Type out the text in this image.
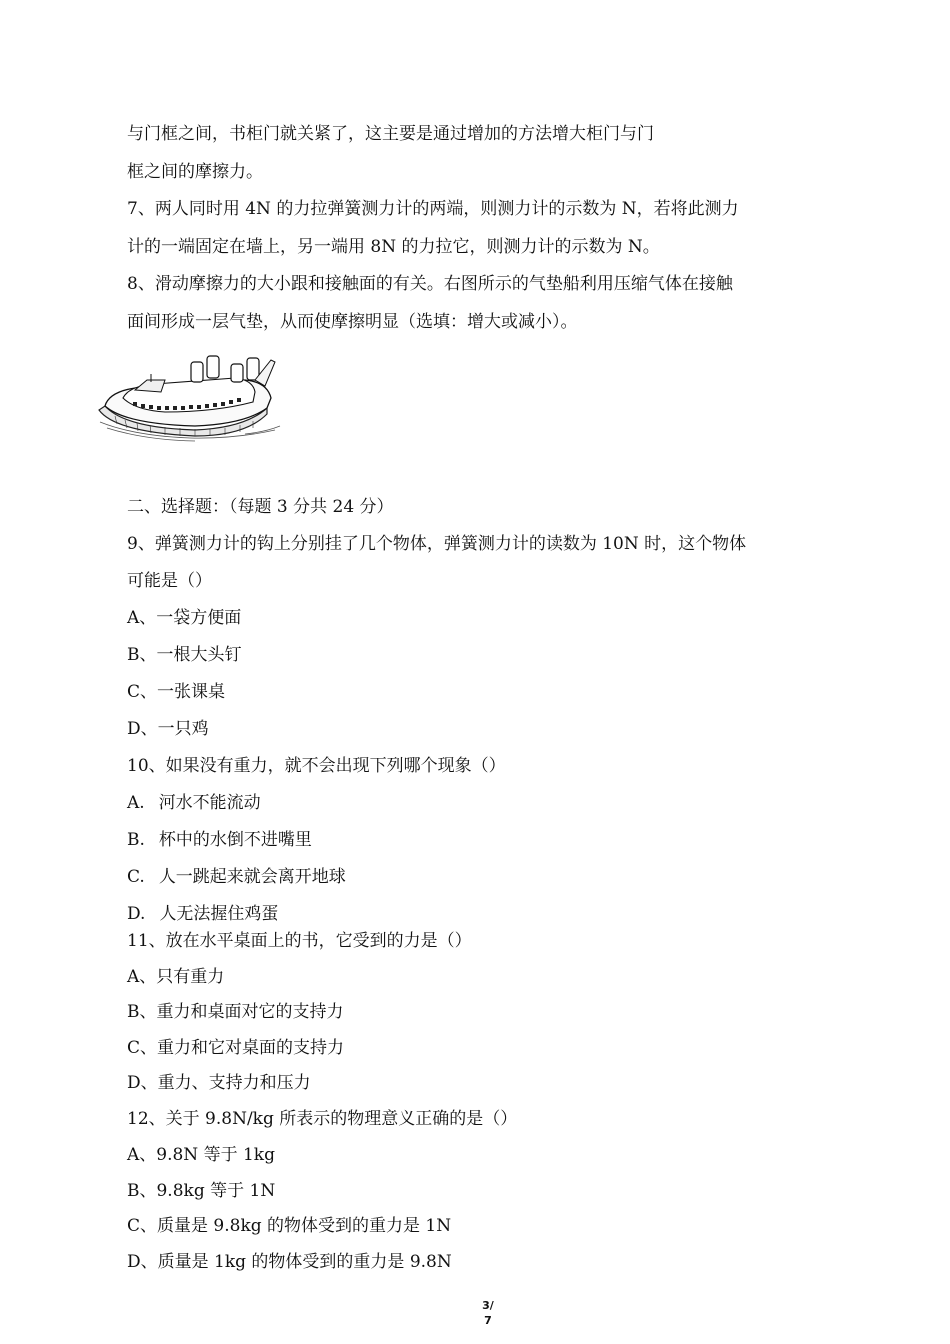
与门框之间，书柜门就关紧了，这主要是通过增加的方法增大柜门与门
框之间的摩擦力。
7、两人同时用 4N 的力拉弹簧测力计的两端，则测力计的示数为 N，若将此测力
计的一端固定在墙上，另一端用 8N 的力拉它，则测力计的示数为 N。
8、滑动摩擦力的大小跟和接触面的有关。右图所示的气垫船利用压缩气体在接触
面间形成一层气垫，从而使摩擦明显（选填：增大或减小）。
二、选择题：（每题 3 分共 24 分）
9、弹簧测力计的钩上分别挂了几个物体，弹簧测力计的读数为 10N 时，这个物体
可能是（）
A、一袋方便面
B、一根大头钉
C、一张课桌
D、一只鸡
10、如果没有重力，就不会出现下列哪个现象（）
A. 河水不能流动
B. 杯中的水倒不进嘴里
C. 人一跳起来就会离开地球
D. 人无法握住鸡蛋
11、放在水平桌面上的书，它受到的力是（）
A、只有重力
B、重力和桌面对它的支持力
C、重力和它对桌面的支持力
D、重力、支持力和压力
12、关于 9.8N/kg 所表示的物理意义正确的是（）
A、9.8N 等于 1kg
B、9.8kg 等于 1N
C、质量是 9.8kg 的物体受到的重力是 1N
D、质量是 1kg 的物体受到的重力是 9.8N
3/
7
